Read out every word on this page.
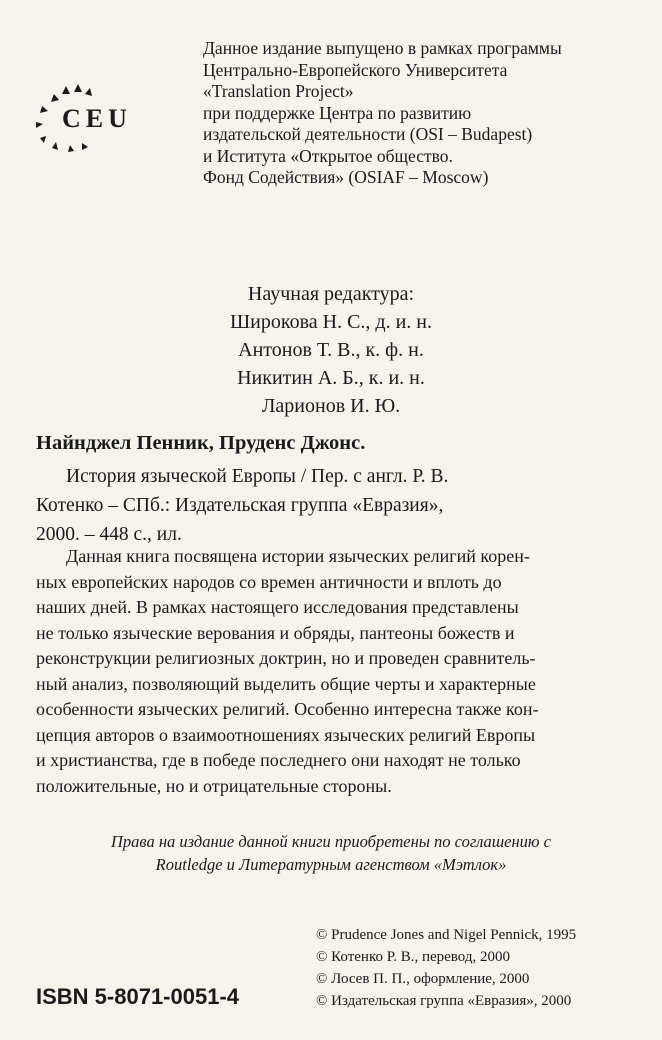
CEU
Данное издание выпущено в рамках программы
Центрально-Европейского Университета
«Translation Project»
при поддержке Центра по развитию
издательской деятельности (OSI – Budapest)
и Иститута «Открытое общество.
Фонд Содействия» (OSIAF – Moscow)
Научная редактура:
Широкова Н. С., д. и. н.
Антонов Т. В., к. ф. н.
Никитин А. Б., к. и. н.
Ларионов И. Ю.
Найнджел Пенник, Пруденс Джонс.
История языческой Европы / Пер. с англ. Р. В.
Котенко – СПб.: Издательская группа «Евразия»,
2000. – 448 с., ил.
Данная книга посвящена истории языческих религий корен-
ных европейских народов со времен античности и вплоть до
наших дней. В рамках настоящего исследования представлены
не только языческие верования и обряды, пантеоны божеств и
реконструкции религиозных доктрин, но и проведен сравнитель-
ный анализ, позволяющий выделить общие черты и характерные
особенности языческих религий. Особенно интересна также кон-
цепция авторов о взаимоотношениях языческих религий Европы
и христианства, где в победе последнего они находят не только
положительные, но и отрицательные стороны.
Права на издание данной книги приобретены по соглашению с
Routledge и Литературным агенством «Мэтлок»
ISBN 5-8071-0051-4
© Prudence Jones and Nigel Pennick, 1995
© Котенко Р. В., перевод, 2000
© Лосев П. П., оформление, 2000
© Издательская группа «Евразия», 2000
